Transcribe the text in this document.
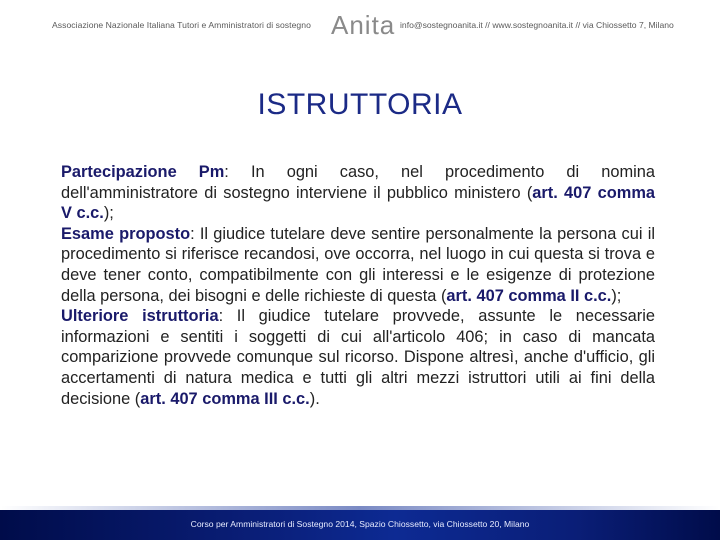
Associazione Nazionale Italiana Tutori e Amministratori di sostegno Anita info@sostegnoanita.it // www.sostegnoanita.it // via Chiossetto 7, Milano
ISTRUTTORIA

Partecipazione Pm: In ogni caso, nel procedimento di nomina dell'amministratore di sostegno interviene il pubblico ministero (art. 407 comma V c.c.);

Esame proposto: Il giudice tutelare deve sentire personalmente la persona cui il procedimento si riferisce recandosi, ove occorra, nel luogo in cui questa si trova e deve tener conto, compatibilmente con gli interessi e le esigenze di protezione della persona, dei bisogni e delle richieste di questa (art. 407 comma II c.c.);

Ulteriore istruttoria: Il giudice tutelare provvede, assunte le necessarie informazioni e sentiti i soggetti di cui all'articolo 406; in caso di mancata comparizione provvede comunque sul ricorso. Dispone altresì, anche d'ufficio, gli accertamenti di natura medica e tutti gli altri mezzi istruttori utili ai fini della decisione (art. 407 comma III c.c.).

Corso per Amministratori di Sostegno 2014, Spazio Chiossetto, via Chiossetto 20, Milano
